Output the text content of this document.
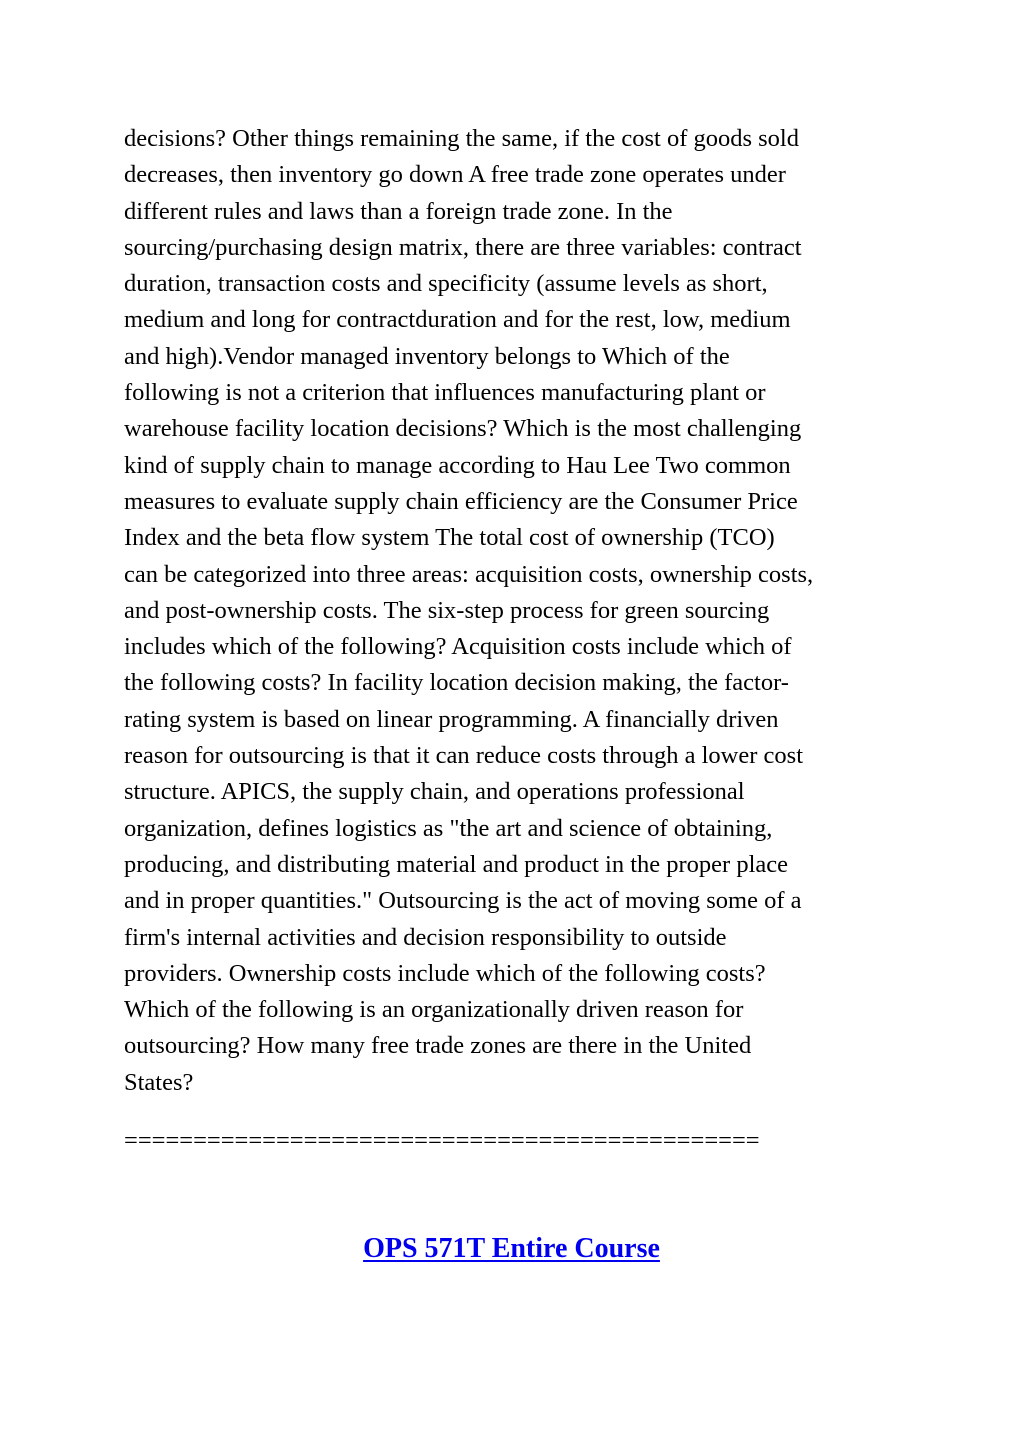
decisions? Other things remaining the same, if the cost of goods sold
decreases, then inventory go down A free trade zone operates under
different rules and laws than a foreign trade zone. In the
sourcing/purchasing design matrix, there are three variables: contract
duration, transaction costs and specificity (assume levels as short,
medium and long for contractduration and for the rest, low, medium
and high).Vendor managed inventory belongs to Which of the
following is not a criterion that influences manufacturing plant or
warehouse facility location decisions? Which is the most challenging
kind of supply chain to manage according to Hau Lee Two common
measures to evaluate supply chain efficiency are the Consumer Price
Index and the beta flow system The total cost of ownership (TCO)
can be categorized into three areas: acquisition costs, ownership costs,
and post-ownership costs. The six-step process for green sourcing
includes which of the following? Acquisition costs include which of
the following costs? In facility location decision making, the factor-
rating system is based on linear programming. A financially driven
reason for outsourcing is that it can reduce costs through a lower cost
structure. APICS, the supply chain, and operations professional
organization, defines logistics as "the art and science of obtaining,
producing, and distributing material and product in the proper place
and in proper quantities." Outsourcing is the act of moving some of a
firm's internal activities and decision responsibility to outside
providers. Ownership costs include which of the following costs?
Which of the following is an organizationally driven reason for
outsourcing? How many free trade zones are there in the United
States?

==============================================

OPS 571T Entire Course
